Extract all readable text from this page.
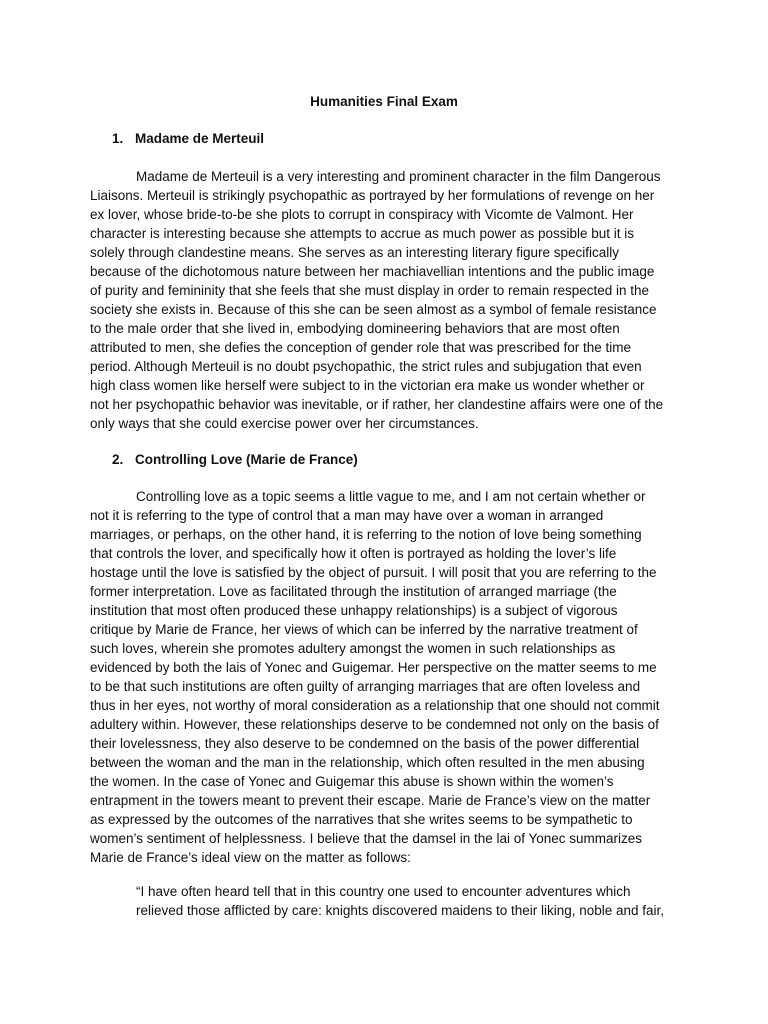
Humanities Final Exam
1. Madame de Merteuil
Madame de Merteuil is a very interesting and prominent character in the film Dangerous
Liaisons. Merteuil is strikingly psychopathic as portrayed by her formulations of revenge on her
ex lover, whose bride-to-be she plots to corrupt in conspiracy with Vicomte de Valmont. Her
character is interesting because she attempts to accrue as much power as possible but it is
solely through clandestine means. She serves as an interesting literary figure specifically
because of the dichotomous nature between her machiavellian intentions and the public image
of purity and femininity that she feels that she must display in order to remain respected in the
society she exists in. Because of this she can be seen almost as a symbol of female resistance
to the male order that she lived in, embodying domineering behaviors that are most often
attributed to men, she defies the conception of gender role that was prescribed for the time
period. Although Merteuil is no doubt psychopathic, the strict rules and subjugation that even
high class women like herself were subject to in the victorian era make us wonder whether or
not her psychopathic behavior was inevitable, or if rather, her clandestine affairs were one of the
only ways that she could exercise power over her circumstances.
2. Controlling Love (Marie de France)
Controlling love as a topic seems a little vague to me, and I am not certain whether or
not it is referring to the type of control that a man may have over a woman in arranged
marriages, or perhaps, on the other hand, it is referring to the notion of love being something
that controls the lover, and specifically how it often is portrayed as holding the lover’s life
hostage until the love is satisfied by the object of pursuit. I will posit that you are referring to the
former interpretation. Love as facilitated through the institution of arranged marriage (the
institution that most often produced these unhappy relationships) is a subject of vigorous
critique by Marie de France, her views of which can be inferred by the narrative treatment of
such loves, wherein she promotes adultery amongst the women in such relationships as
evidenced by both the lais of Yonec and Guigemar. Her perspective on the matter seems to me
to be that such institutions are often guilty of arranging marriages that are often loveless and
thus in her eyes, not worthy of moral consideration as a relationship that one should not commit
adultery within. However, these relationships deserve to be condemned not only on the basis of
their lovelessness, they also deserve to be condemned on the basis of the power differential
between the woman and the man in the relationship, which often resulted in the men abusing
the women. In the case of Yonec and Guigemar this abuse is shown within the women’s
entrapment in the towers meant to prevent their escape. Marie de France’s view on the matter
as expressed by the outcomes of the narratives that she writes seems to be sympathetic to
women’s sentiment of helplessness. I believe that the damsel in the lai of Yonec summarizes
Marie de France’s ideal view on the matter as follows:
“I have often heard tell that in this country one used to encounter adventures which
relieved those afflicted by care: knights discovered maidens to their liking, noble and fair,
